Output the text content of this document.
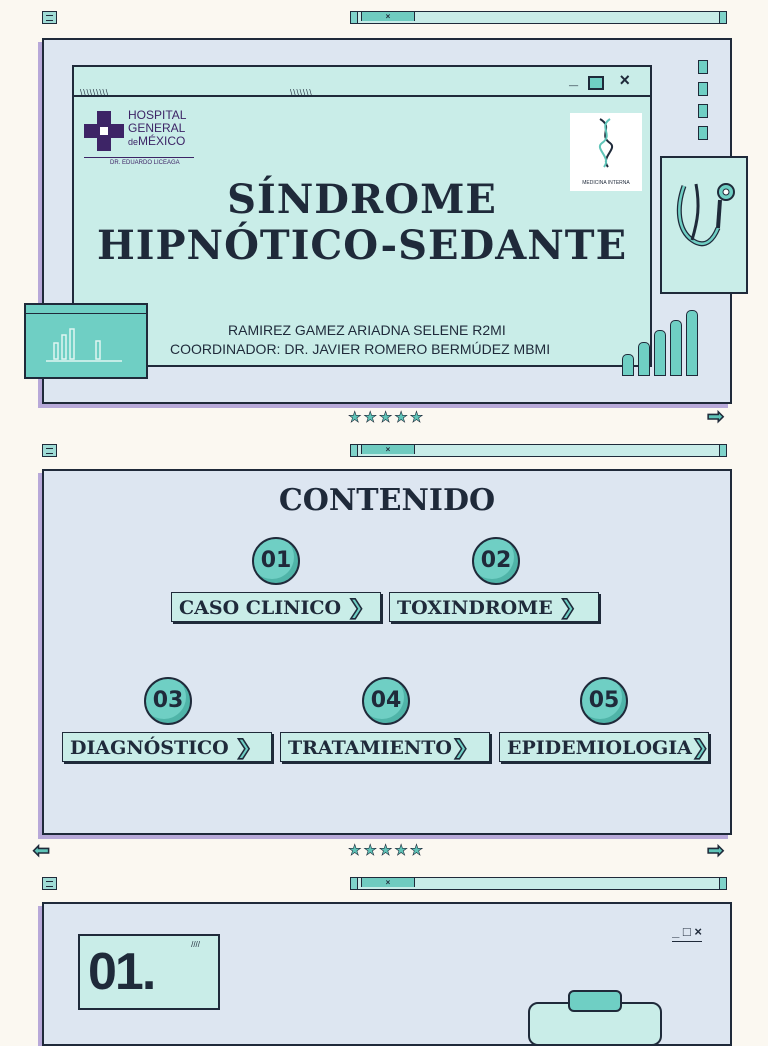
×
_ ×
\\\\\\\\\	\\\\\\\
HOSPITAL
GENERAL
deMÉXICO
DR. EDUARDO LICEAGA
MEDICINA INTERNA
SÍNDROME
HIPNÓTICO-SEDANTE
RAMIREZ GAMEZ ARIADNA SELENE R2MI
COORDINADOR: DR. JAVIER ROMERO BERMÚDEZ MBMI
★★★★★	➡
×
CONTENIDO
01
CASO CLINICO ❯
02
TOXINDROME ❯
03
DIAGNÓSTICO ❯
04
TRATAMIENTO❯
05
EPIDEMIOLOGIA❯
⬅	★★★★★	➡
×
01.	////
_ □ ×
